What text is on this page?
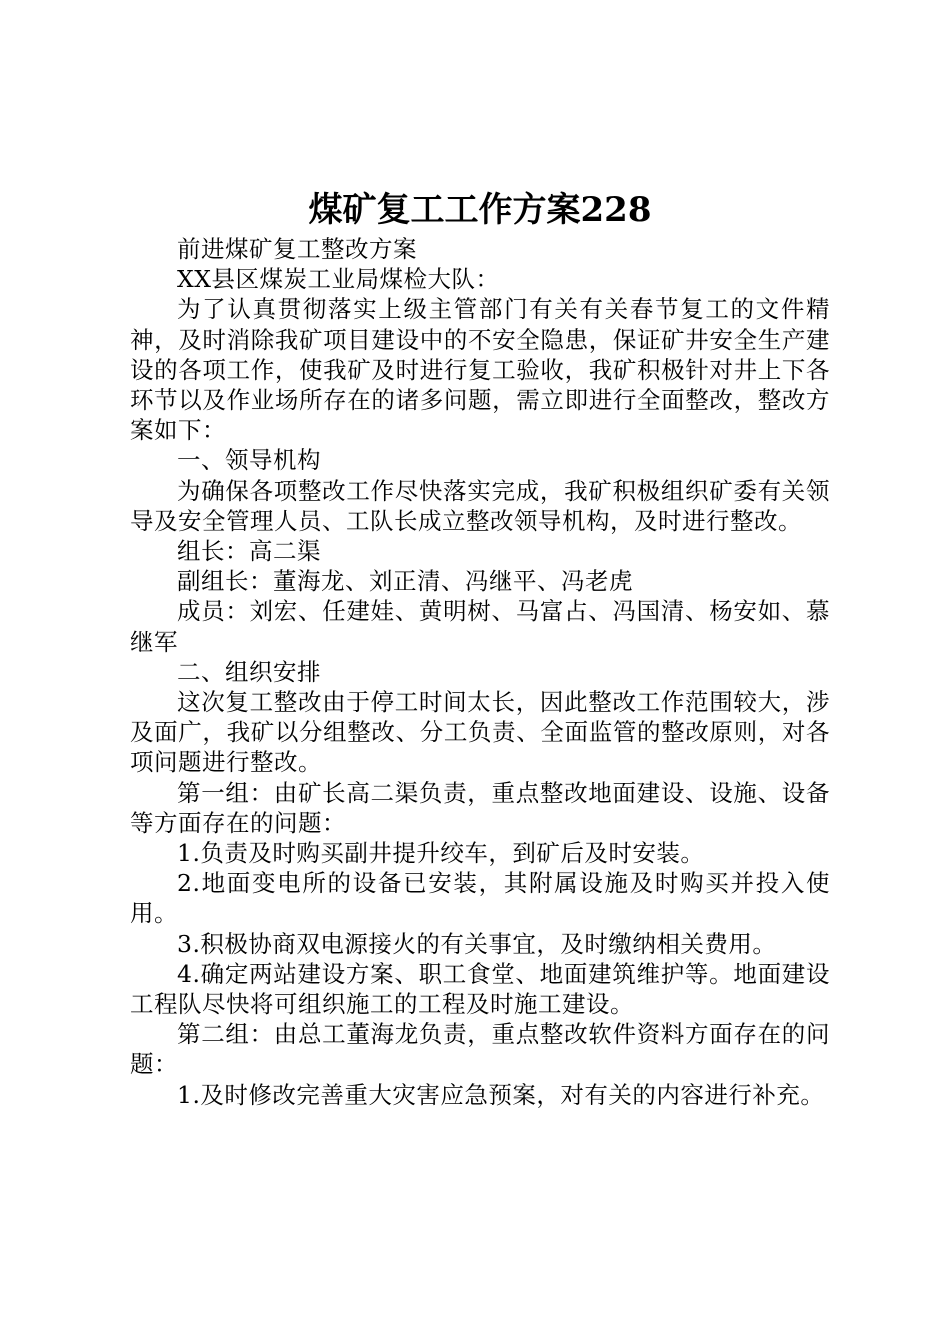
煤矿复工工作方案228

前进煤矿复工整改方案

XX县区煤炭工业局煤检大队：

为了认真贯彻落实上级主管部门有关有关春节复工的文件精神，及时消除我矿项目建设中的不安全隐患，保证矿井安全生产建设的各项工作，使我矿及时进行复工验收，我矿积极针对井上下各环节以及作业场所存在的诸多问题，需立即进行全面整改，整改方案如下：

一、领导机构

为确保各项整改工作尽快落实完成，我矿积极组织矿委有关领导及安全管理人员、工队长成立整改领导机构，及时进行整改。

组长：高二渠

副组长：董海龙、刘正清、冯继平、冯老虎

成员：刘宏、任建娃、黄明树、马富占、冯国清、杨安如、慕继军

二、组织安排

这次复工整改由于停工时间太长，因此整改工作范围较大，涉及面广，我矿以分组整改、分工负责、全面监管的整改原则，对各项问题进行整改。

第一组：由矿长高二渠负责，重点整改地面建设、设施、设备等方面存在的问题：

1.负责及时购买副井提升绞车，到矿后及时安装。

2.地面变电所的设备已安装，其附属设施及时购买并投入使用。

3.积极协商双电源接火的有关事宜，及时缴纳相关费用。

4.确定两站建设方案、职工食堂、地面建筑维护等。地面建设工程队尽快将可组织施工的工程及时施工建设。

第二组：由总工董海龙负责，重点整改软件资料方面存在的问题：

1.及时修改完善重大灾害应急预案，对有关的内容进行补充。
